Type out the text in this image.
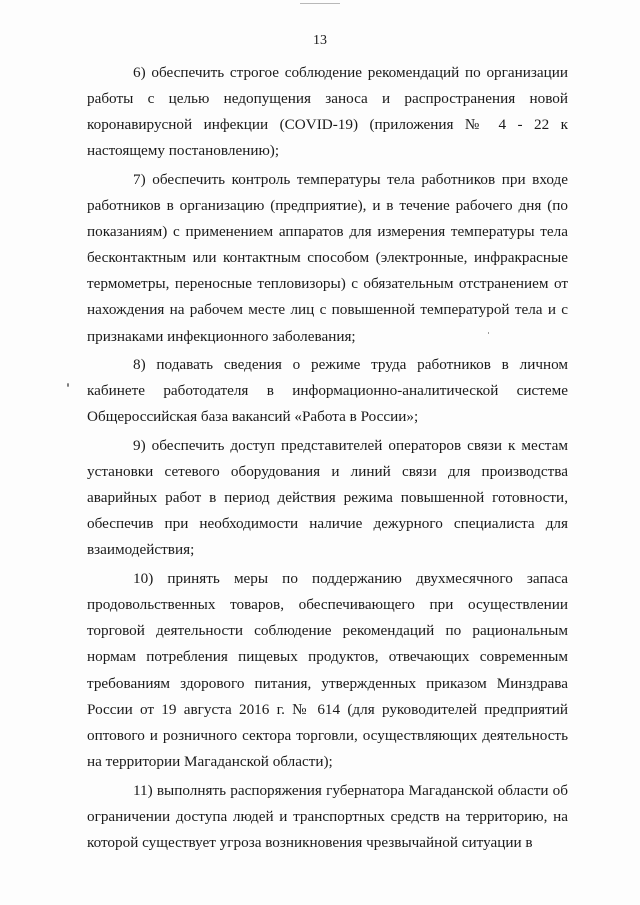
13

6) обеспечить строгое соблюдение рекомендаций по организации работы с целью недопущения заноса и распространения новой коронавирусной инфекции (COVID-19) (приложения № 4 - 22 к настоящему постановлению);

7) обеспечить контроль температуры тела работников при входе работников в организацию (предприятие), и в течение рабочего дня (по показаниям) с применением аппаратов для измерения температуры тела бесконтактным или контактным способом (электронные, инфракрасные термометры, переносные тепловизоры) с обязательным отстранением от нахождения на рабочем месте лиц с повышенной температурой тела и с признаками инфекционного заболевания;

8) подавать сведения о режиме труда работников в личном кабинете работодателя в информационно-аналитической системе Общероссийская база вакансий «Работа в России»;

9) обеспечить доступ представителей операторов связи к местам установки сетевого оборудования и линий связи для производства аварийных работ в период действия режима повышенной готовности, обеспечив при необходимости наличие дежурного специалиста для взаимодействия;

10) принять меры по поддержанию двухмесячного запаса продовольственных товаров, обеспечивающего при осуществлении торговой деятельности соблюдение рекомендаций по рациональным нормам потребления пищевых продуктов, отвечающих современным требованиям здорового питания, утвержденных приказом Минздрава России от 19 августа 2016 г. № 614 (для руководителей предприятий оптового и розничного сектора торговли, осуществляющих деятельность на территории Магаданской области);

11) выполнять распоряжения губернатора Магаданской области об ограничении доступа людей и транспортных средств на территорию, на которой существует угроза возникновения чрезвычайной ситуации в
